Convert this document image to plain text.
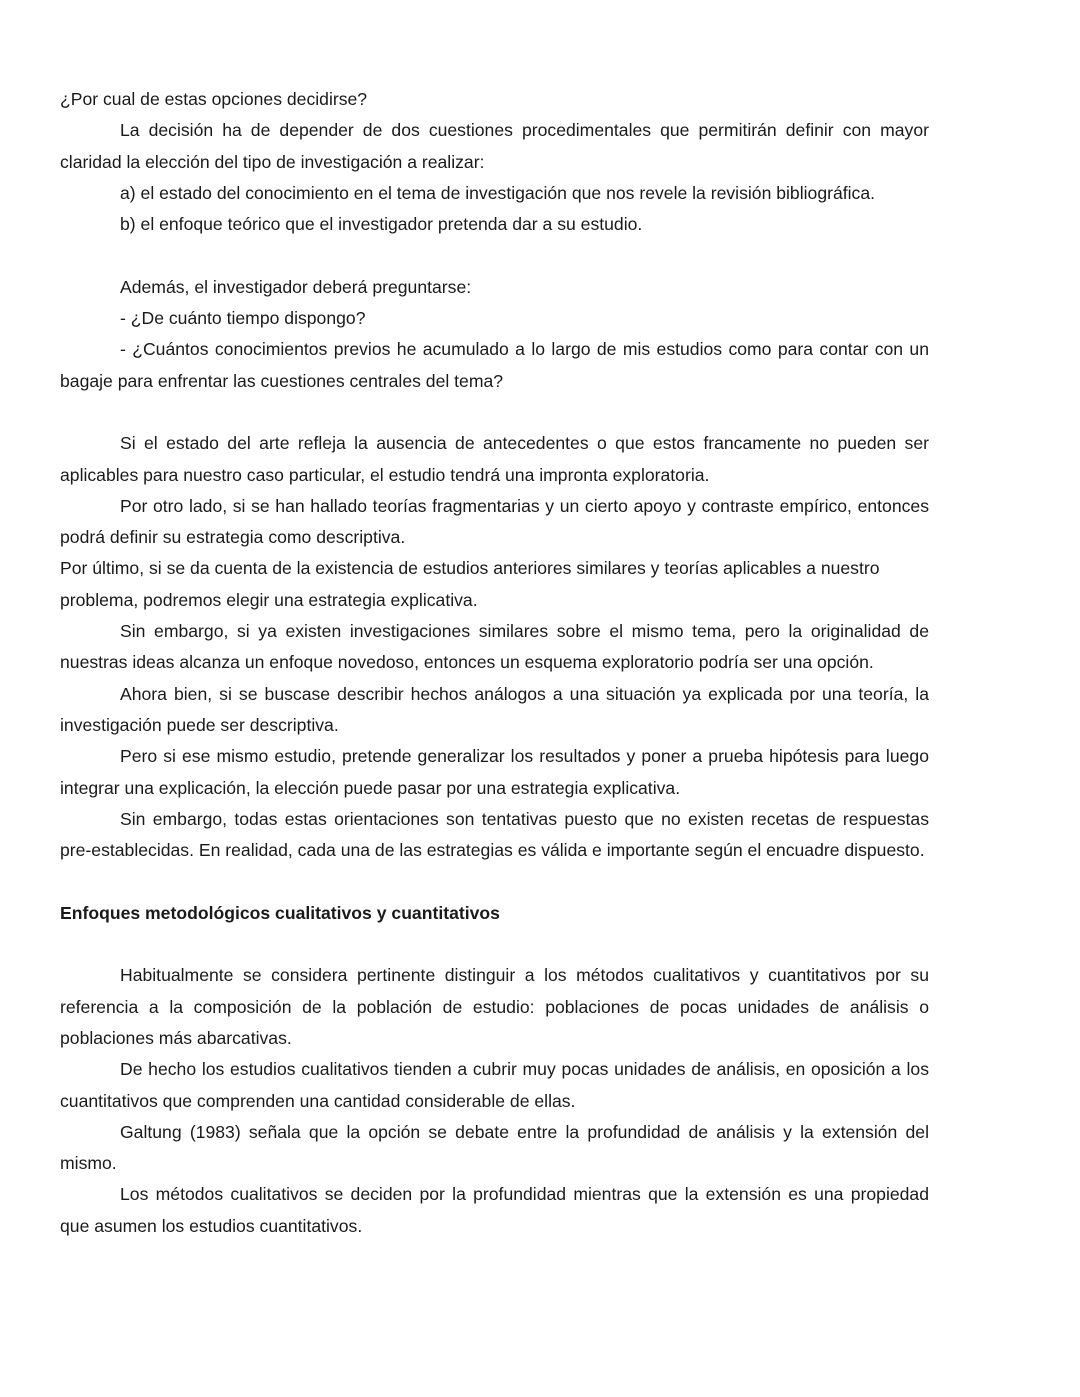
¿Por cual de estas opciones decidirse?

La decisión ha de depender de dos cuestiones procedimentales que permitirán definir con mayor claridad la elección del tipo de investigación a realizar:

a) el estado del conocimiento en el tema de investigación que nos revele la revisión bibliográfica.

b) el enfoque teórico que el investigador pretenda dar a su estudio.

Además, el investigador deberá preguntarse:

- ¿De cuánto tiempo dispongo?

- ¿Cuántos conocimientos previos he acumulado a lo largo de mis estudios como para contar con un bagaje para enfrentar las cuestiones centrales del tema?

Si el estado del arte refleja la ausencia de antecedentes o que estos francamente no pueden ser aplicables para nuestro caso particular, el estudio tendrá una impronta exploratoria.

Por otro lado, si se han hallado teorías fragmentarias y un cierto apoyo y contraste empírico, entonces podrá definir su estrategia como descriptiva.

Por último, si se da cuenta de la existencia de estudios anteriores similares y teorías aplicables a nuestro problema, podremos elegir una estrategia explicativa.

Sin embargo, si ya existen investigaciones similares sobre el mismo tema, pero la originalidad de nuestras ideas alcanza un enfoque novedoso, entonces un esquema exploratorio podría ser una opción.

Ahora bien, si se buscase describir hechos análogos a una situación ya explicada por una teoría, la investigación puede ser descriptiva.

Pero si ese mismo estudio, pretende generalizar los resultados y poner a prueba hipótesis para luego integrar una explicación, la elección puede pasar por una estrategia explicativa.

Sin embargo, todas estas orientaciones son tentativas puesto que no existen recetas de respuestas pre-establecidas. En realidad, cada una de las estrategias es válida e importante según el encuadre dispuesto.

Enfoques metodológicos cualitativos y cuantitativos

Habitualmente se considera pertinente distinguir a los métodos cualitativos y cuantitativos por su referencia a la composición de la población de estudio: poblaciones de pocas unidades de análisis o poblaciones más abarcativas.

De hecho los estudios cualitativos tienden a cubrir muy pocas unidades de análisis, en oposición a los cuantitativos que comprenden una cantidad considerable de ellas.

Galtung (1983) señala que la opción se debate entre la profundidad de análisis y la extensión del mismo.

Los métodos cualitativos se deciden por la profundidad mientras que la extensión es una propiedad que asumen los estudios cuantitativos.
